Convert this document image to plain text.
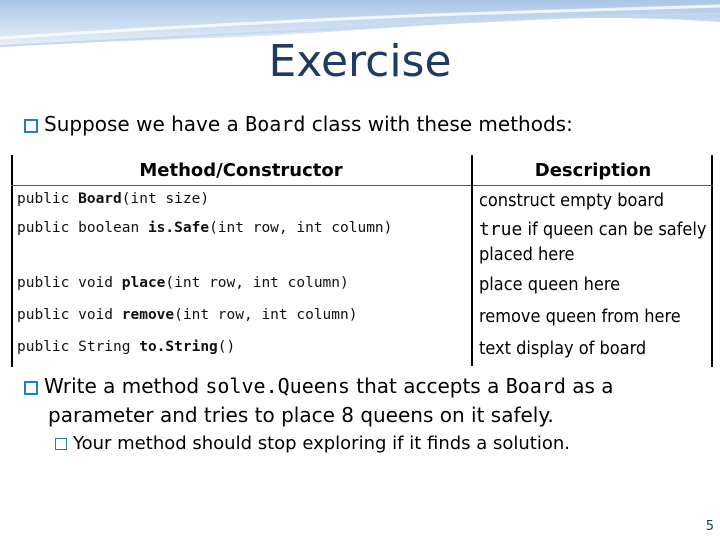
Exercise
Suppose we have a Board class with these methods:
Method/Constructor	Description
public Board(int size)	construct empty board
public boolean is.Safe(int row, int column)	true if queen can be safely placed here
public void place(int row, int column)	place queen here
public void remove(int row, int column)	remove queen from here
public String to.String()	text display of board
Write a method solve.Queens that accepts a Board as a
parameter and tries to place 8 queens on it safely.
Your method should stop exploring if it finds a solution.
5
